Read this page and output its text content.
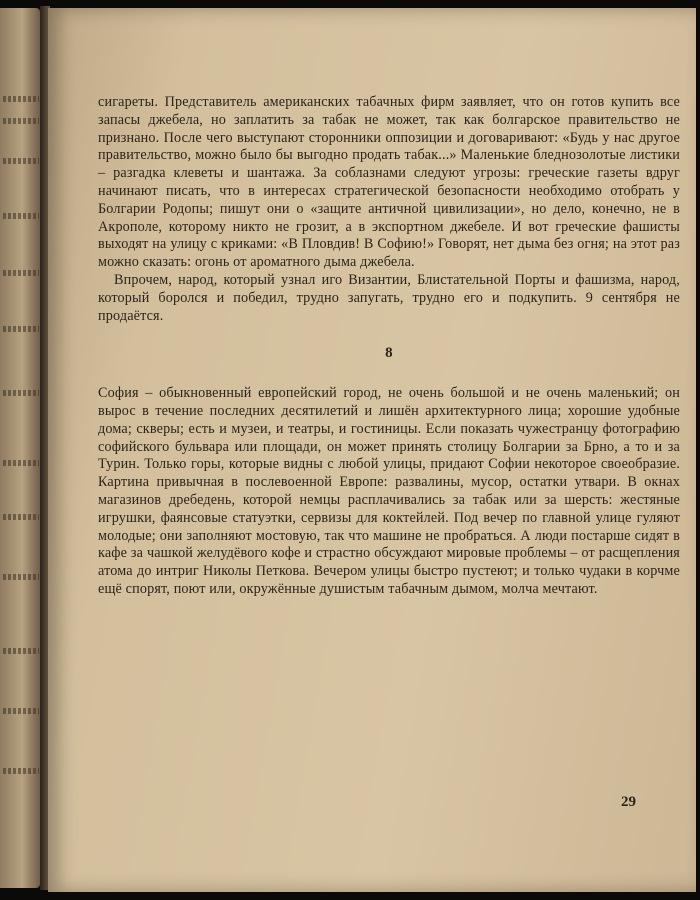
сигареты. Представитель американских табачных фирм заявляет, что он готов купить все запасы джебела, но заплатить за табак не может, так как болгарское правительство не признано. После чего выступают сторонники оппозиции и договаривают: «Будь у нас другое правительство, можно было бы выгодно продать табак...» Маленькие бледнозолотые листики – разгадка клеветы и шантажа. За соблазнами следуют угрозы: греческие газеты вдруг начинают писать, что в интересах стратегической безопасности необходимо отобрать у Болгарии Родопы; пишут они о «защите античной цивилизации», но дело, конечно, не в Акрополе, которому никто не грозит, а в экспортном джебеле. И вот греческие фашисты выходят на улицу с криками: «В Пловдив! В Софию!» Говорят, нет дыма без огня; на этот раз можно сказать: огонь от ароматного дыма джебела.

Впрочем, народ, который узнал иго Византии, Блистательной Порты и фашизма, народ, который боролся и победил, трудно запугать, трудно его и подкупить. 9 сентября не продаётся.

8

София – обыкновенный европейский город, не очень большой и не очень маленький; он вырос в течение последних десятилетий и лишён архитектурного лица; хорошие удобные дома; скверы; есть и музеи, и театры, и гостиницы. Если показать чужестранцу фотографию софийского бульвара или площади, он может принять столицу Болгарии за Брно, а то и за Турин. Только горы, которые видны с любой улицы, придают Софии некоторое своеобразие. Картина привычная в послевоенной Европе: развалины, мусор, остатки утвари. В окнах магазинов дребедень, которой немцы расплачивались за табак или за шерсть: жестяные игрушки, фаянсовые статуэтки, сервизы для коктейлей. Под вечер по главной улице гуляют молодые; они заполняют мостовую, так что машине не пробраться. А люди постарше сидят в кафе за чашкой желудёвого кофе и страстно обсуждают мировые проблемы – от расщепления атома до интриг Николы Петкова. Вечером улицы быстро пустеют; и только чудаки в корчме ещё спорят, поют или, окружённые душистым табачным дымом, молча мечтают.

29
